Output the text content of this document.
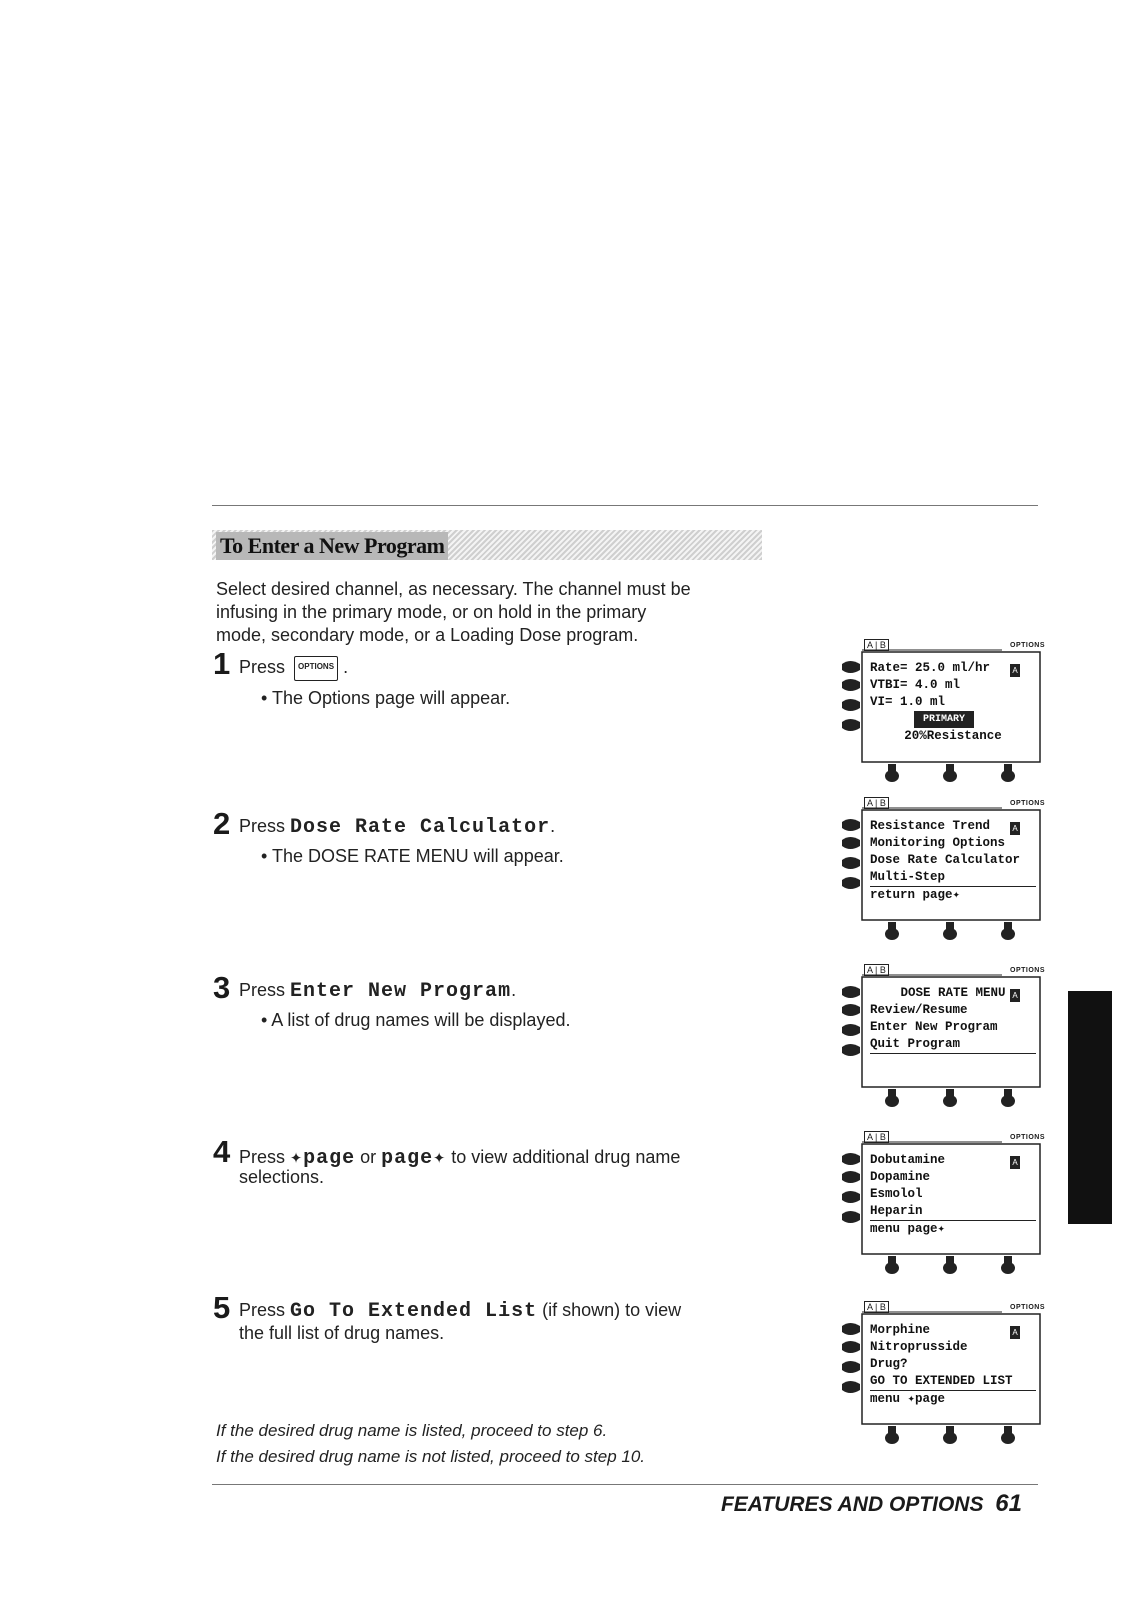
To Enter a New Program
Select desired channel, as necessary. The channel must be infusing in the primary mode, or on hold in the primary mode, secondary mode, or a Loading Dose program.
1 Press OPTIONS .
• The Options page will appear.
2 Press Dose Rate Calculator.
• The DOSE RATE MENU will appear.
3 Press Enter New Program.
• A list of drug names will be displayed.
4 Press ✦page or page✦ to view additional drug name
selections.
5 Press Go To Extended List (if shown) to view
the full list of drug names.
If the desired drug name is listed, proceed to step 6.
If the desired drug name is not listed, proceed to step 10.
FEATURES AND OPTIONS 61
A | B	OPTIONS
A
Rate= 25.0 ml/hr
VTBI= 4.0 ml
VI= 1.0 ml
PRIMARY
20%Resistance
A | B	OPTIONS
A
Resistance Trend
Monitoring Options
Dose Rate Calculator
Multi-Step
return page✦
A | B	OPTIONS
A
DOSE RATE MENU
Review/Resume
Enter New Program
Quit Program
A | B	OPTIONS
A
Dobutamine
Dopamine
Esmolol
Heparin
menu page✦
A | B	OPTIONS
A
Morphine
Nitroprusside
Drug?
GO TO EXTENDED LIST
menu ✦page
